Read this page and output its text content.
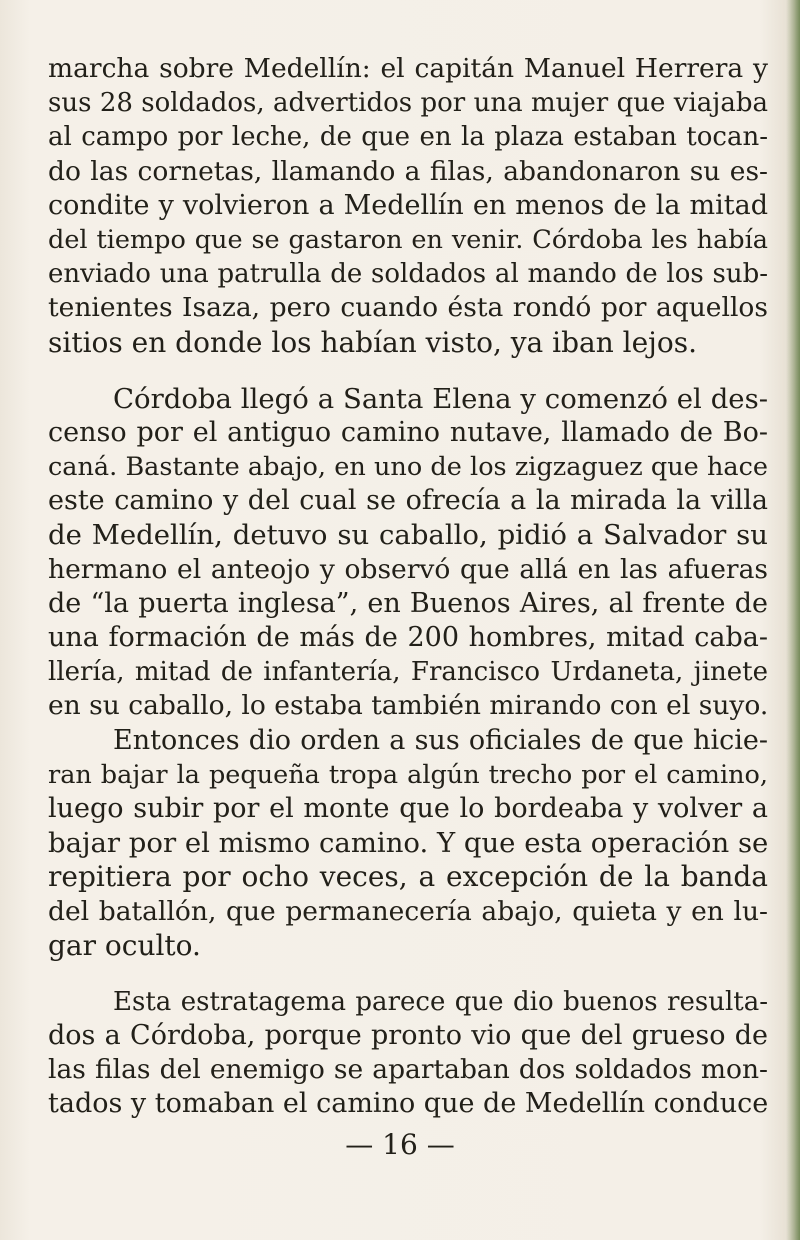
marcha sobre Medellín: el capitán Manuel Herrera y
sus 28 soldados, advertidos por una mujer que viajaba
al campo por leche, de que en la plaza estaban tocan-
do las cornetas, llamando a filas, abandonaron su es-
condite y volvieron a Medellín en menos de la mitad
del tiempo que se gastaron en venir. Córdoba les había
enviado una patrulla de soldados al mando de los sub-
tenientes Isaza, pero cuando ésta rondó por aquellos
sitios en donde los habían visto, ya iban lejos.
Córdoba llegó a Santa Elena y comenzó el des-
censo por el antiguo camino nutave, llamado de Bo-
caná. Bastante abajo, en uno de los zigzaguez que hace
este camino y del cual se ofrecía a la mirada la villa
de Medellín, detuvo su caballo, pidió a Salvador su
hermano el anteojo y observó que allá en las afueras
de “la puerta inglesa”, en Buenos Aires, al frente de
una formación de más de 200 hombres, mitad caba-
llería, mitad de infantería, Francisco Urdaneta, jinete
en su caballo, lo estaba también mirando con el suyo.
Entonces dio orden a sus oficiales de que hicie-
ran bajar la pequeña tropa algún trecho por el camino,
luego subir por el monte que lo bordeaba y volver a
bajar por el mismo camino. Y que esta operación se
repitiera por ocho veces, a excepción de la banda
del batallón, que permanecería abajo, quieta y en lu-
gar oculto.
Esta estratagema parece que dio buenos resulta-
dos a Córdoba, porque pronto vio que del grueso de
las filas del enemigo se apartaban dos soldados mon-
tados y tomaban el camino que de Medellín conduce
— 16 —
